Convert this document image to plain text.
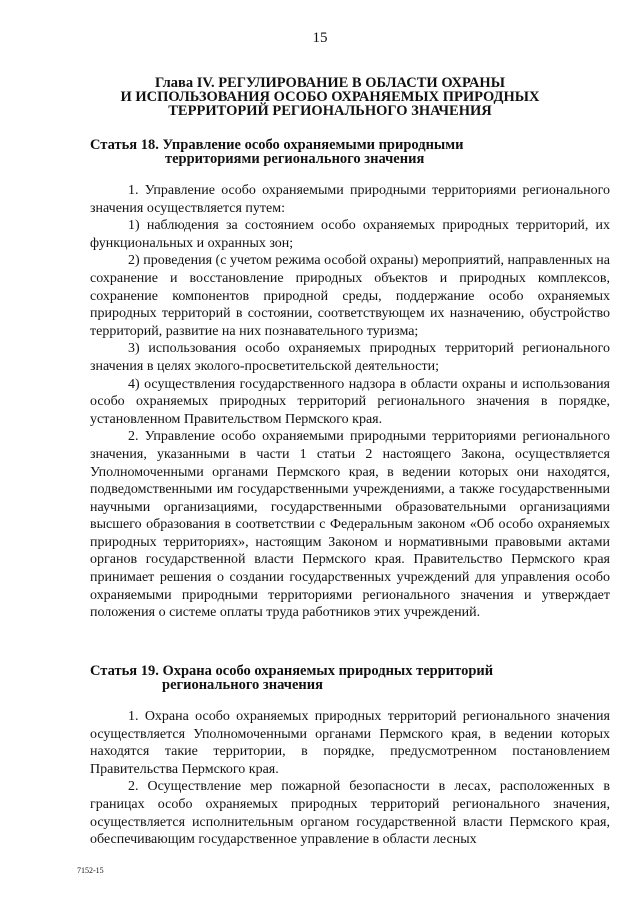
15
Глава IV. РЕГУЛИРОВАНИЕ В ОБЛАСТИ ОХРАНЫ
И ИСПОЛЬЗОВАНИЯ ОСОБО ОХРАНЯЕМЫХ ПРИРОДНЫХ
ТЕРРИТОРИЙ РЕГИОНАЛЬНОГО ЗНАЧЕНИЯ
Статья 18. Управление особо охраняемыми природными
территориями регионального значения

1. Управление особо охраняемыми природными территориями регионального значения осуществляется путем:

1) наблюдения за состоянием особо охраняемых природных территорий, их функциональных и охранных зон;

2) проведения (с учетом режима особой охраны) мероприятий, направленных на сохранение и восстановление природных объектов и природных комплексов, сохранение компонентов природной среды, поддержание особо охраняемых природных территорий в состоянии, соответствующем их назначению, обустройство территорий, развитие на них познавательного туризма;

3) использования особо охраняемых природных территорий регионального значения в целях эколого-просветительской деятельности;

4) осуществления государственного надзора в области охраны и использования особо охраняемых природных территорий регионального значения в порядке, установленном Правительством Пермского края.

2. Управление особо охраняемыми природными территориями регионального значения, указанными в части 1 статьи 2 настоящего Закона, осуществляется Уполномоченными органами Пермского края, в ведении которых они находятся, подведомственными им государственными учреждениями, а также государственными научными организациями, государственными образовательными организациями высшего образования в соответствии с Федеральным законом «Об особо охраняемых природных территориях», настоящим Законом и нормативными правовыми актами органов государственной власти Пермского края. Правительство Пермского края принимает решения о создании государственных учреждений для управления особо охраняемыми природными территориями регионального значения и утверждает положения о системе оплаты труда работников этих учреждений.

Статья 19. Охрана особо охраняемых природных территорий
регионального значения

1. Охрана особо охраняемых природных территорий регионального значения осуществляется Уполномоченными органами Пермского края, в ведении которых находятся такие территории, в порядке, предусмотренном постановлением Правительства Пермского края.

2. Осуществление мер пожарной безопасности в лесах, расположенных в границах особо охраняемых природных территорий регионального значения, осуществляется исполнительным органом государственной власти Пермского края, обеспечивающим государственное управление в области лесных

7152-15
